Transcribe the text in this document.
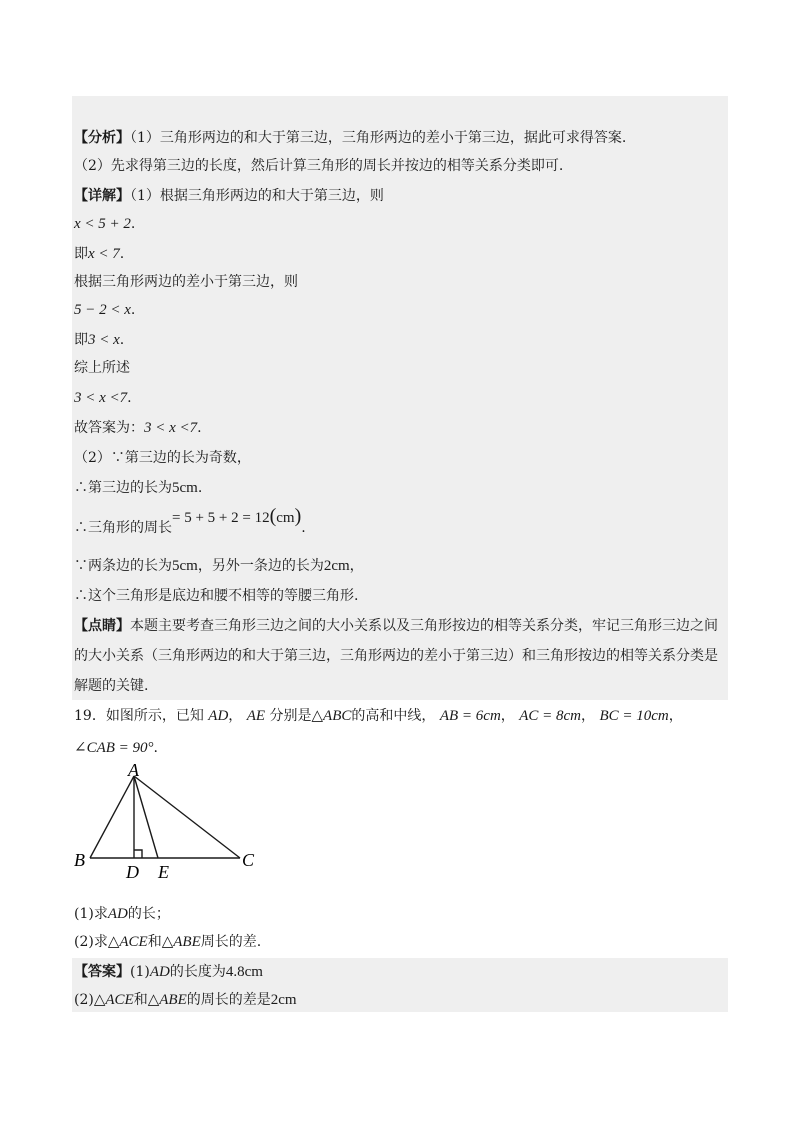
【分析】（1）三角形两边的和大于第三边，三角形两边的差小于第三边，据此可求得答案.
（2）先求得第三边的长度，然后计算三角形的周长并按边的相等关系分类即可.
【详解】（1）根据三角形两边的和大于第三边，则
x < 5 + 2.
即x < 7.
根据三角形两边的差小于第三边，则
5 − 2 < x.
即3 < x.
综上所述
3 < x <7.
故答案为：3 < x <7.
（2）∵第三边的长为奇数，
∴第三边的长为5cm.
∴三角形的周长= 5 + 5 + 2 = 12(cm).
∵两条边的长为5cm，另外一条边的长为2cm，
∴这个三角形是底边和腰不相等的等腰三角形.
【点睛】本题主要考查三角形三边之间的大小关系以及三角形按边的相等关系分类，牢记三角形三边之间
的大小关系（三角形两边的和大于第三边，三角形两边的差小于第三边）和三角形按边的相等关系分类是
解题的关键.
19．如图所示，已知 AD， AE 分别是△ABC的高和中线， AB = 6cm， AC = 8cm， BC = 10cm，
∠CAB = 90°.
A
B	C
D E
(1)求AD的长；
(2)求△ACE和△ABE周长的差.
【答案】(1)AD的长度为4.8cm
(2)△ACE和△ABE的周长的差是2cm
